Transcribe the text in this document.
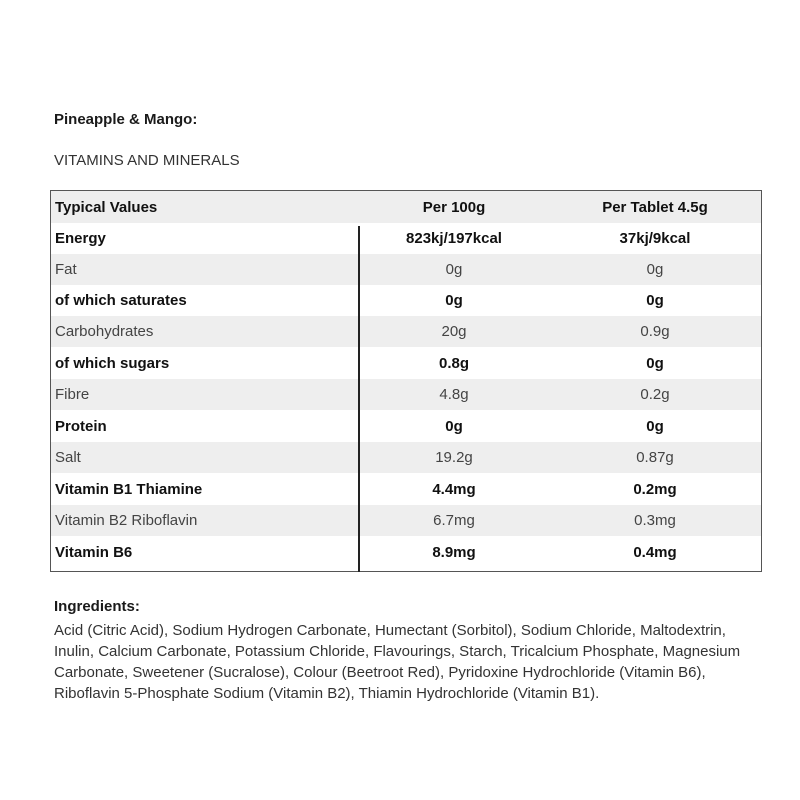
Pineapple & Mango:
VITAMINS AND MINERALS
Typical Values	Per 100g	Per Tablet 4.5g
Energy	823kj/197kcal	37kj/9kcal
Fat	0g	0g
of which saturates	0g	0g
Carbohydrates	20g	0.9g
of which sugars	0.8g	0g
Fibre	4.8g	0.2g
Protein	0g	0g
Salt	19.2g	0.87g
Vitamin B1 Thiamine	4.4mg	0.2mg
Vitamin B2 Riboflavin	6.7mg	0.3mg
Vitamin B6	8.9mg	0.4mg
Ingredients:
Acid (Citric Acid), Sodium Hydrogen Carbonate, Humectant (Sorbitol), Sodium Chloride, Maltodextrin, Inulin, Calcium Carbonate, Potassium Chloride, Flavourings, Starch, Tricalcium Phosphate, Magnesium Carbonate, Sweetener (Sucralose), Colour (Beetroot Red), Pyridoxine Hydrochloride (Vitamin B6), Riboflavin 5-Phosphate Sodium (Vitamin B2), Thiamin Hydrochloride (Vitamin B1).
